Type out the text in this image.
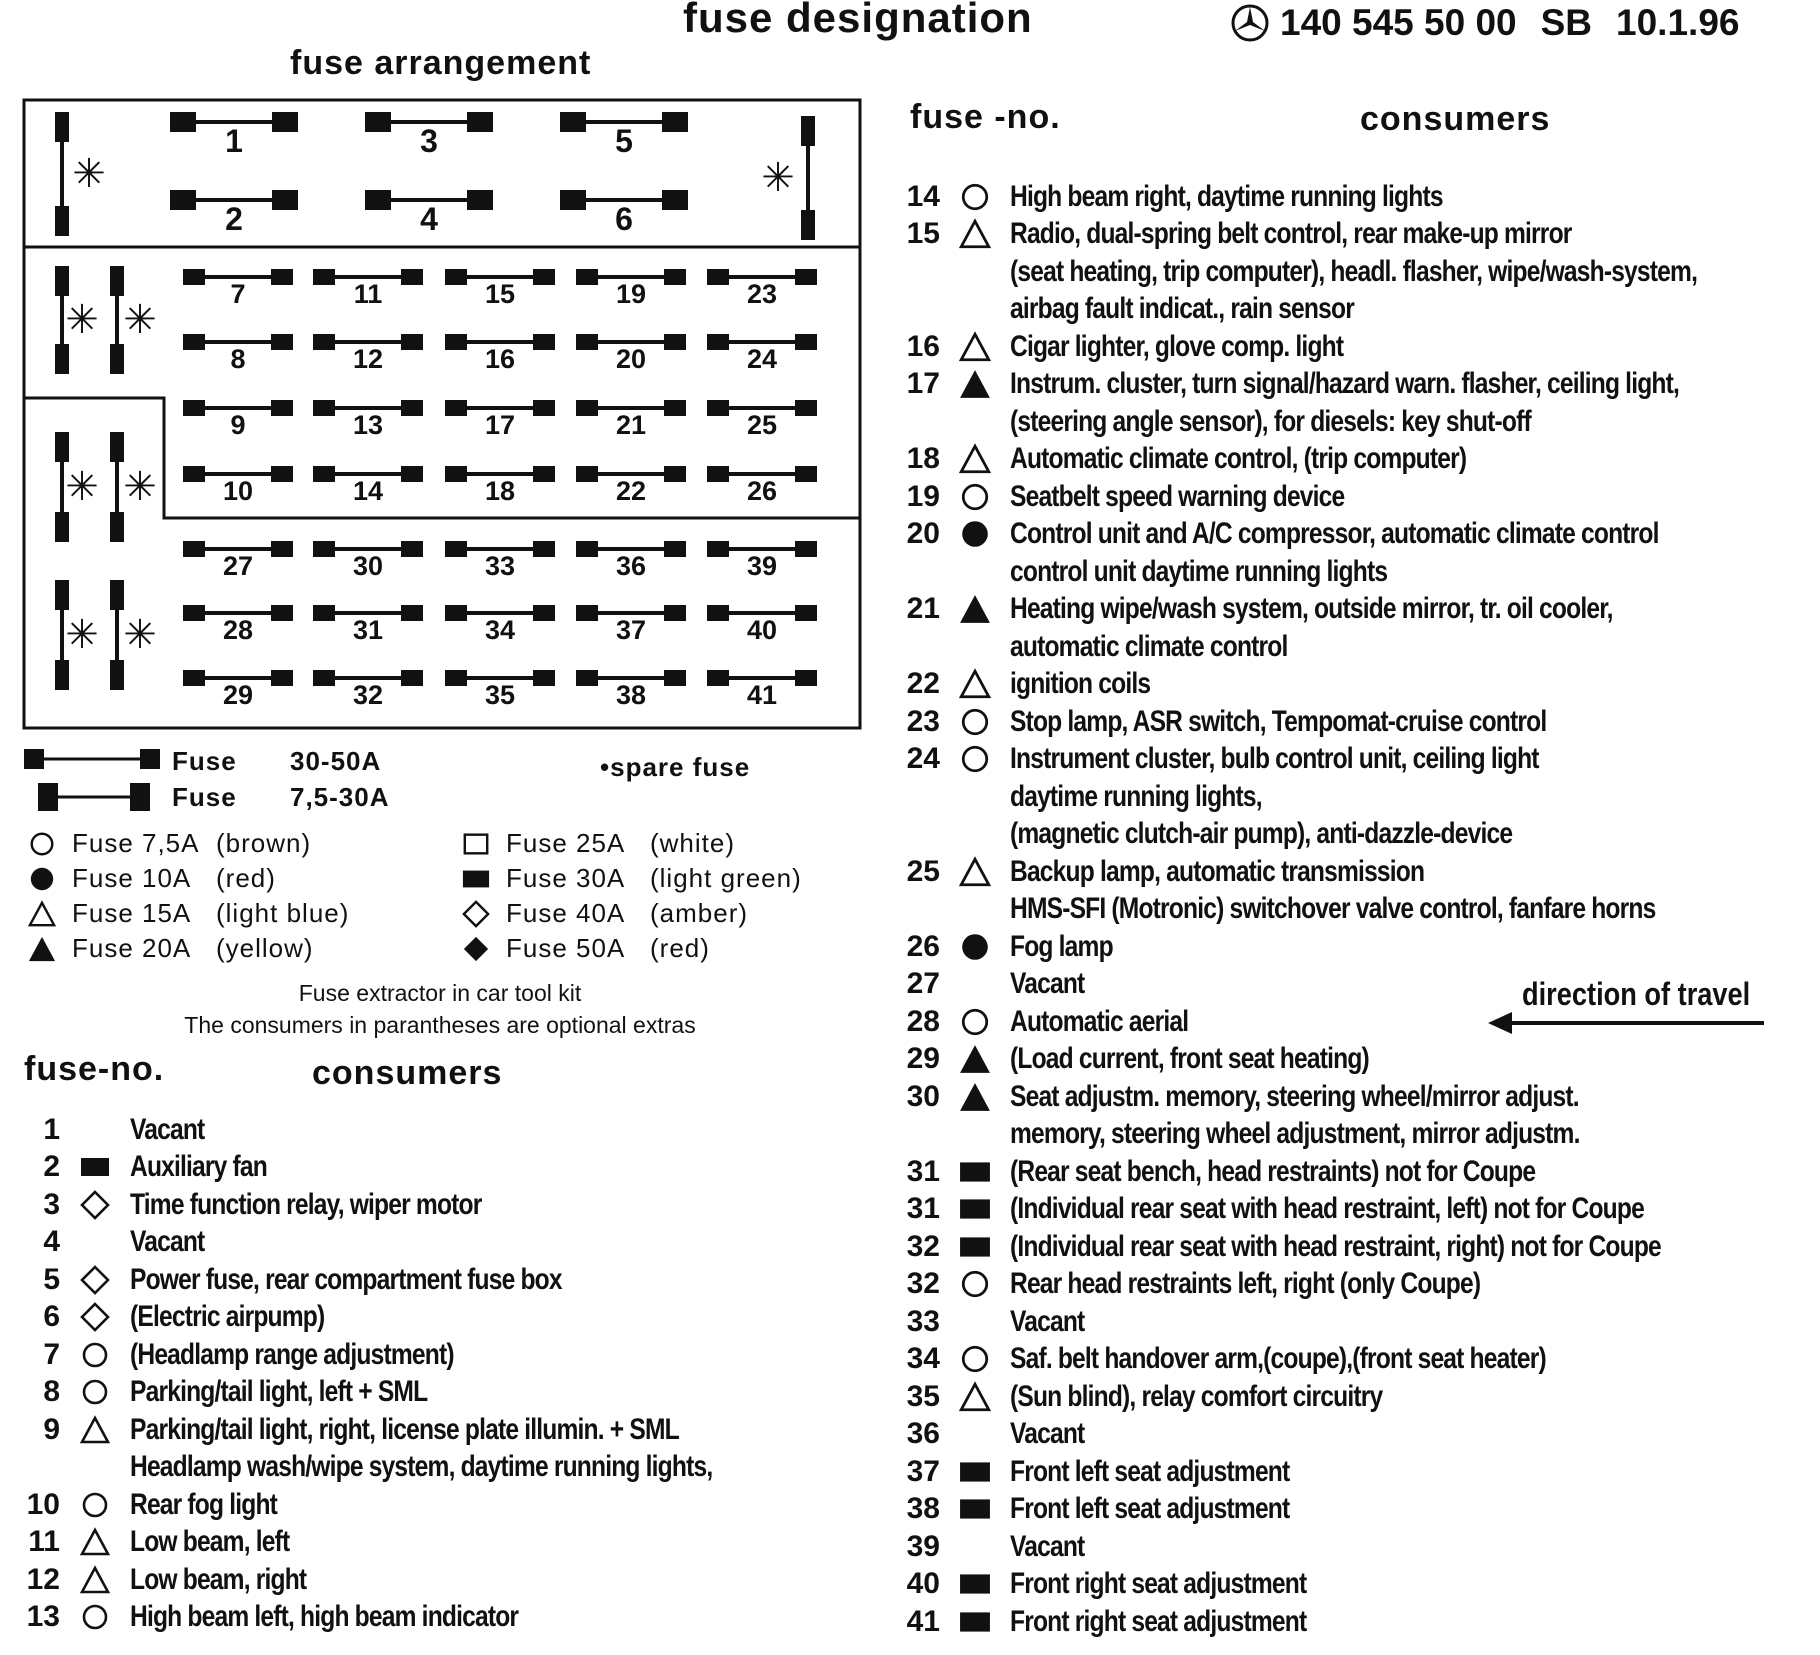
fuse designation	140 545 50 00 SB 10.1.96
fuse arrangement
✳	✳
✳ ✳
✳ ✳
✳ ✳
1
2
3
4
5
6
7
8
9
10
11
12
13
14
15
16
17
18
19
20
21
22
23
24
25
26
27
28
29
30
31
32
33
34
35
36
37
38
39
40
41
Fuse 30-50A
Fuse 7,5-30A
•spare fuse
Fuse 7,5A (brown)
Fuse 10A (red)
Fuse 15A (light blue)
Fuse 20A (yellow)
Fuse 25A (white)
Fuse 30A (light green)
Fuse 40A (amber)
Fuse 50A (red)
Fuse extractor in car tool kit
The consumers in parantheses are optional extras
fuse-no.	consumers
1 Vacant
2 Auxiliary fan
3 Time function relay, wiper motor
4 Vacant
5 Power fuse, rear compartment fuse box
6 (Electric airpump)
7 (Headlamp range adjustment)
8 Parking/tail light, left + SML
9 Parking/tail light, right, license plate illumin. + SML
Headlamp wash/wipe system, daytime running lights,
10 Rear fog light
11 Low beam, left
12 Low beam, right
13 High beam left, high beam indicator
fuse -no.	consumers
14 High beam right, daytime running lights
15 Radio, dual-spring belt control, rear make-up mirror
(seat heating, trip computer), headl. flasher, wipe/wash-system,
airbag fault indicat., rain sensor
16 Cigar lighter, glove comp. light
17 Instrum. cluster, turn signal/hazard warn. flasher, ceiling light,
(steering angle sensor), for diesels: key shut-off
18 Automatic climate control, (trip computer)
19 Seatbelt speed warning device
20 Control unit and A/C compressor, automatic climate control
control unit daytime running lights
21 Heating wipe/wash system, outside mirror, tr. oil cooler,
automatic climate control
22 ignition coils
23 Stop lamp, ASR switch, Tempomat-cruise control
24 Instrument cluster, bulb control unit, ceiling light
daytime running lights,
(magnetic clutch-air pump), anti-dazzle-device
25 Backup lamp, automatic transmission
HMS-SFI (Motronic) switchover valve control, fanfare horns
26 Fog lamp
27 Vacant
28 Automatic aerial
29 (Load current, front seat heating)
30 Seat adjustm. memory, steering wheel/mirror adjust.
memory, steering wheel adjustment, mirror adjustm.
31 (Rear seat bench, head restraints) not for Coupe
31 (Individual rear seat with head restraint, left) not for Coupe
32 (Individual rear seat with head restraint, right) not for Coupe
32 Rear head restraints left, right (only Coupe)
33 Vacant
34 Saf. belt handover arm,(coupe),(front seat heater)
35 (Sun blind), relay comfort circuitry
36 Vacant
37 Front left seat adjustment
38 Front left seat adjustment
39 Vacant
40 Front right seat adjustment
41 Front right seat adjustment
direction of travel
